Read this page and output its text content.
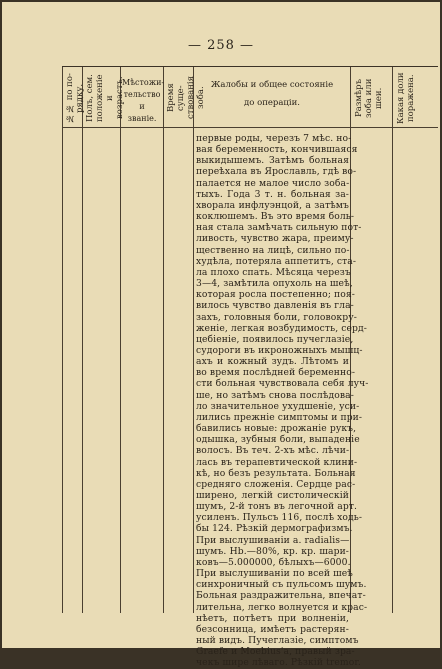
— 258 —
№№ по по-
рядку. Полъ, сем.
положеніе и
возрастъ.
Мѣстожи-
тельство и
званіе.
Время суще-
ствованія
зоба.
Жалобы и общее состояніе
до операціи.	Размѣръ
зоба или шеи.	Какая доли
поражена.
первые роды, черезъ 7 мѣс. но-
вая беременность, кончившаяся
выкидышемъ. Затѣмъ больная
переѣхала въ Ярославль, гдѣ во-
палается не малое число зоба-
тыхъ. Года 3 т. н. больная за-
хворала инфлуэнцой, а затѣмъ
коклюшемъ. Въ это время боль-
ная стала замѣчать сильную пот-
ливость, чувство жара, преиму-
щественно на лицѣ, сильно по-
худѣла, потеряла аппетитъ, ста-
ла плохо спать. Мѣсяца черезъ
3—4, замѣтила опухоль на шеѣ,
которая росла постепенно; поя-
вилось чувство давленія въ гла-
захъ, головныя боли, головокру-
женіе, легкая возбудимость, серд-
цебіеніе, появилось пучеглазіе,
судороги въ икроножныхъ мышц-
ахъ и кожный зудъ. Лѣтомъ и
во время послѣдней беременно-
сти больная чувствовала себя луч-
ше, но затѣмъ снова послѣдова-
ло значительное ухудшеніе, уси-
лились прежніе симптомы и при-
бавились новые: дрожаніе рукъ,
одышка, зубныя боли, выпаденіе
волосъ. Въ теч. 2-хъ мѣс. лѣчи-
лась въ терапевтической клини-
кѣ, но безъ результата. Больная
средняго сложенія. Сердце рас-
ширено, легкій систолическій
шумъ, 2-й тонъ въ легочной арт.
усиленъ. Пульсъ 116, послѣ ходь-
бы 124. Рѣзкій дермографизмъ.
При выслушиваніи a. radialis—
шумъ. Hb.—80%, кр. кр. шари-
ковъ—5.000000, бѣлыхъ—6000.
При выслушиваніи по всей шеѣ
синхроничный съ пульсомъ шумъ.
Больная раздражительна, впечат-
лительна, легко волнуется и крас-
нѣетъ, потѣетъ при волненіи,
безсонница, имѣетъ растерян-
ный видъ. Пучеглазіе, симптомъ
Graefe и Moebius'a, правый зра-
чекъ шире лѣваго. Рѣзкій tremor.
